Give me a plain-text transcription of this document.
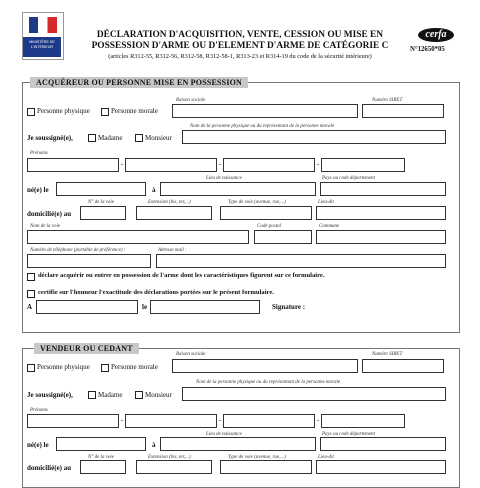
MINISTÈRE DE L'INTÉRIEUR
DÉCLARATION D'ACQUISITION, VENTE, CESSION OU MISE EN
POSSESSION D'ARME OU D'ELEMENT D'ARME DE CATÉGORIE C
(articles R312-55, R312-56, R312-58, R312-58-1, R313-23 et R314-19 du code de la sécurité intérieure)
cerfa
N°12650*05
ACQUÉREUR OU PERSONNE MISE EN POSSESSION
Raison sociale	Numéro SIRET
Personne physique	Personne morale
Nom de la personne physique ou du représentant de la personne morale
Je soussigné(e),	Madame	Monsieur
Prénoms
-	-	-
Lieu de naissance	Pays ou code département
né(e) le	à
N° de la voie	Extension (bis, ter,...)	Type de voie (avenue, rue,...)	Lieu-dit
domicilié(e) au
Nom de la voie	Code postal	Commune
Numéro de téléphone (portable de préférence) :	Adresse mail :
déclare acquérir ou entrer en possession de l'arme dont les caractéristiques figurent sur ce formulaire.
certifie sur l'honneur l'exactitude des déclarations portées sur le présent formulaire.
A	le	Signature :
VENDEUR OU CEDANT
Raison sociale	Numéro SIRET
Personne physique	Personne morale
Nom de la personne physique ou du représentant de la personne morale
Je soussigné(e),	Madame	Monsieur
Prénoms
-	-	-
Lieu de naissance	Pays ou code département
né(e) le	à
N° de la voie	Extension (bis, ter,...)	Type de voie (avenue, rue,...)	Lieu-dit
domicilié(e) au
